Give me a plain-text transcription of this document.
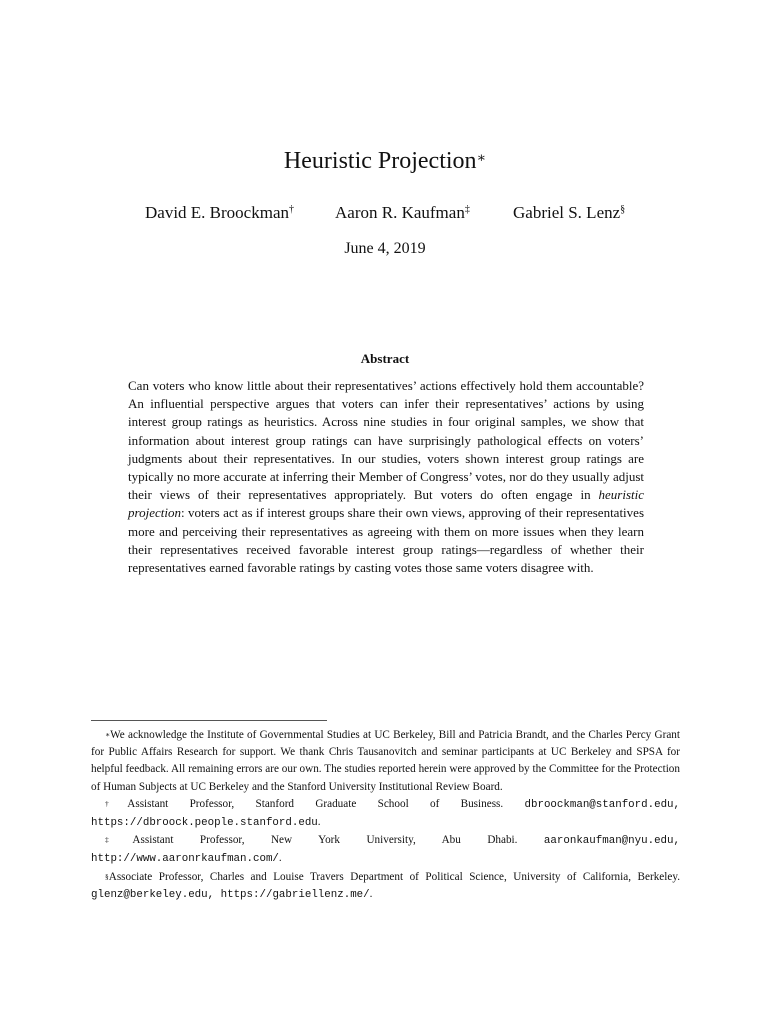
Heuristic Projection∗
David E. Broockman† Aaron R. Kaufman‡	Gabriel S. Lenz§
June 4, 2019
Abstract
Can voters who know little about their representatives’ actions effectively hold them accountable? An influential perspective argues that voters can infer their representatives’ actions by using interest group ratings as heuristics. Across nine studies in four original samples, we show that information about interest group ratings can have surprisingly pathological effects on voters’ judgments about their representatives. In our studies, voters shown interest group ratings are typically no more accurate at inferring their Member of Congress’ votes, nor do they usually adjust their views of their representatives appropriately. But voters do often engage in heuristic projection: voters act as if interest groups share their own views, approving of their representatives more and perceiving their representatives as agreeing with them on more issues when they learn their representatives received favorable interest group ratings—regardless of whether their representatives earned favorable ratings by casting votes those same voters disagree with.

∗We acknowledge the Institute of Governmental Studies at UC Berkeley, Bill and Patricia Brandt, and the Charles Percy Grant for Public Affairs Research for support. We thank Chris Tausanovitch and seminar participants at UC Berkeley and SPSA for helpful feedback. All remaining errors are our own. The studies reported herein were approved by the Committee for the Protection of Human Subjects at UC Berkeley and the Stanford University Institutional Review Board.

†Assistant Professor, Stanford Graduate School of Business. dbroockman@stanford.edu, https://dbroock.people.stanford.edu.

‡Assistant Professor, New York University, Abu Dhabi. aaronkaufman@nyu.edu, http://www.aaronrkaufman.com/.

§Associate Professor, Charles and Louise Travers Department of Political Science, University of California, Berkeley. glenz@berkeley.edu, https://gabriellenz.me/.
